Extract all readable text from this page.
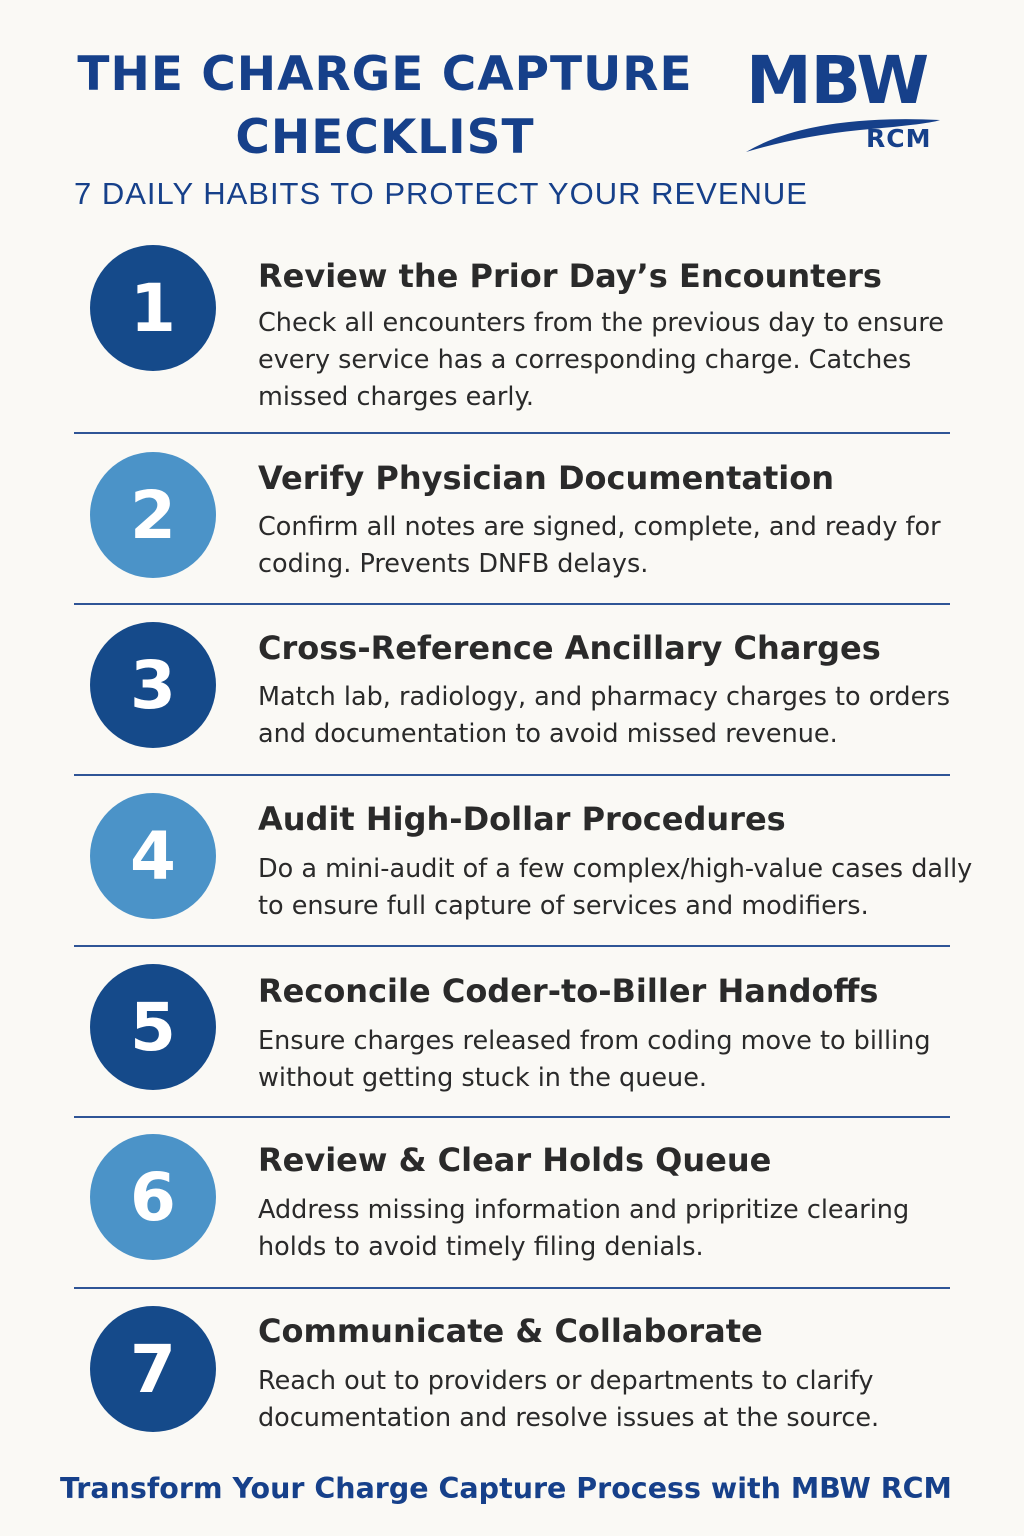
THE CHARGE CAPTURE
CHECKLIST
7 DAILY HABITS TO PROTECT YOUR REVENUE
MBW
RCM
1	Review the Prior Day’s Encounters

Check all encounters from the previous day to ensure every service has a corresponding charge. Catches missed charges early.

2	Verify Physician Documentation

Confirm all notes are signed, complete, and ready for coding. Prevents DNFB delays.

3	Cross-Reference Ancillary Charges

Match lab, radiology, and pharmacy charges to orders and documentation to avoid missed revenue.

4	Audit High-Dollar Procedures

Do a mini-audit of a few complex/high-value cases dally to ensure full capture of services and modifiers.

5	Reconcile Coder-to-Biller Handoffs

Ensure charges released from coding move to billing without getting stuck in the queue.

6	Review & Clear Holds Queue

Address missing information and pripritize clearing holds to avoid timely filing denials.

7	Communicate & Collaborate

Reach out to providers or departments to clarify documentation and resolve issues at the source.

Transform Your Charge Capture Process with MBW RCM
